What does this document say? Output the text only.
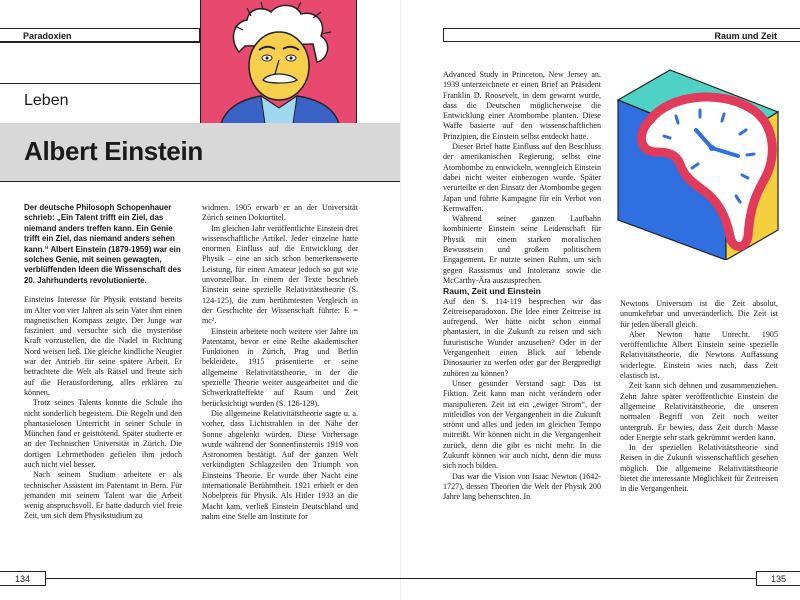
Paradoxien
Leben
Albert Einstein
Der deutsche Philosoph Schopenhauer schrieb: „Ein Talent trifft ein Ziel, das niemand anders treffen kann. Ein Genie trifft ein Ziel, das niemand anders sehen kann.“ Albert Einstein (1879-1959) war ein solches Genie, mit seinen gewagten, verblüffenden Ideen die Wissenschaft des 20. Jahrhunderts revolutionierte.

Einsteins Interesse für Physik entstand bereits im Alter von vier Jahren als sein Vater ihm einen magnetischen Kompass zeigte. Der Junge war fasziniert und versuchte sich die mysteriöse Kraft vorzustellen, die die Nadel in Richtung Nord weisen ließ. Die gleiche kindliche Neugier war der Antrieb für seine spätere Arbeit. Er betrachtete die Welt als Rätsel und freute sich auf die Herausforderung, alles erklären zu können.

Trotz seines Talents konnte die Schule ihn nicht sonderlich begeistern. Die Regeln und den phantasielosen Unterricht in seiner Schule in München fand er geisttötend. Später studierte er an der Technischen Universität in Zürich. Die dortigen Lehrmethoden gefielen ihm jedoch auch nicht viel besser.

Nach seinem Studium arbeitete er als technischer Assistent im Patentamt in Bern. Für jemanden mit seinem Talent war die Arbeit wenig anspruchsvoll. Er hatte dadurch viel freie Zeit, um sich dem Physikstudium zu

widmen. 1905 erwarb er an der Universität Zürich seinen Doktortitel.

Im gleichen Jahr veröffentlichte Einstein drei wissenschaftliche Artikel. Jeder einzelne hatte enormen Einfluss auf die Entwicklung der Physik – eine an sich schon bemerkenswerte Leistung, für einen Amateur jedoch so gut wie unvorstellbar. In einem der Texte beschrieb Einstein seine spezielle Relativitätstheorie (S. 124-125), die zum berühmtesten Vergleich in der Geschichte der Wissenschaft führte: E = mc².

Einstein arbeitete noch weitere vier Jahre im Patentamt, bevor er eine Reihe akademischer Funktionen in Zürich, Prag und Berlin bekleidete. 1915 präsentierte er seine allgemeine Relativitätstheorie, in der die spezielle Theorie weiter ausgearbeitet und die Schwerkrafteffekte auf Raum und Zeit berücksichtigt wurden (S. 126-129).

Die allgemeine Relativitätstheorie sagte u. a. vorher, dass Lichtstrahlen in der Nähe der Sonne abgelenkt würden. Diese Vorhersage wurde während der Sonnenfinsternis 1919 von Astronomen bestätigt. Auf der ganzen Welt verkündigten Schlagzeilen den Triumph von Einsteins Theorie. Er wurde über Nacht eine internationale Berühmtheit. 1921 erhielt er den Nobelpreis für Physik. Als Hitler 1933 an die Macht kam, verließ Einstein Deutschland und nahm eine Stelle am Institute for

134
Raum und Zeit

Advanced Study in Princeton, New Jersey an. 1939 unterzeichnete er einen Brief an Präsident Franklin D. Roosevelt, in dem gewarnt wurde, dass die Deutschen möglicherweise die Entwicklung einer Atombombe planten. Diese Waffe basierte auf den wissenschaftlichen Prinzipien, die Einstein selbst entdeckt hatte.

Dieser Brief hatte Einfluss auf den Beschluss der amerikanischen Regierung, selbst eine Atombombe zu entwickeln, wenngleich Einstein dabei nicht weiter einbezogen wurde. Später verurteilte er den Einsatz der Atombombe gegen Japan und führte Kampagne für ein Verbot von Kernwaffen.

Während seiner ganzen Laufbahn kombinierte Einstein seine Leidenschaft für Physik mit einem starken moralischen Bewusstsein und großem politischem Engagement. Er nutzte seinen Ruhm, um sich gegen Rassismus und Intoleranz sowie die McCarthy-Ära auszusprechen.

Raum, Zeit und Einstein

Auf den S. 114-119 besprechen wir das Zeitreiseparadoxon. Die Idee einer Zeitreise ist aufregend. Wer hätte nicht schon einmal phantasiert, in die Zukunft zu reisen und sich futuristische Wunder anzusehen? Oder in der Vergangenheit einen Blick auf lebende Dinosaurier zu werfen oder gar der Bergpredigt zuhören zu können?

Unser gesunder Verstand sagt: Das ist Fiktion. Zeit kann man nicht verändern oder manipulieren. Zeit ist ein „ewiger Strom“, der mitleidlos von der Vergangenheit in die Zukunft strömt und alles und jeden im gleichen Tempo mitreißt. Wir können nicht in die Vergangenheit zurück, denn die gibt es nicht mehr. In die Zukunft können wir auch nicht, denn die muss sich noch bilden.

Das war die Vision von Isaac Newton (1642-1727), dessen Theorien die Welt der Physik 200 Jahre lang beherrschten. In

Newtons Universum ist die Zeit absolut, unumkehrbar und unveränderlich. Die Zeit ist für jeden überall gleich.

Aber Newton hatte Unrecht. 1905 veröffentlichte Albert Einstein seine spezielle Relativitätstheorie, die Newtons Auffassung widerlegte. Einstein wies nach, dass Zeit elastisch ist.

Zeit kann sich dehnen und zusammenziehen. Zehn Jahre später veröffentlichte Einstein die allgemeine Relativitätstheorie, die unseren normalen Begriff von Zeit noch weiter untergrub. Er bewies, dass Zeit durch Masse oder Energie sehr stark gekrümmt werden kann.

In der speziellen Relativitätstheorie sind Reisen in die Zukunft wissenschaftlich gesehen möglich. Die allgemeine Relativitätstheorie bietet die interessante Möglichkeit für Zeitreisen in die Vergangenheit.

135
